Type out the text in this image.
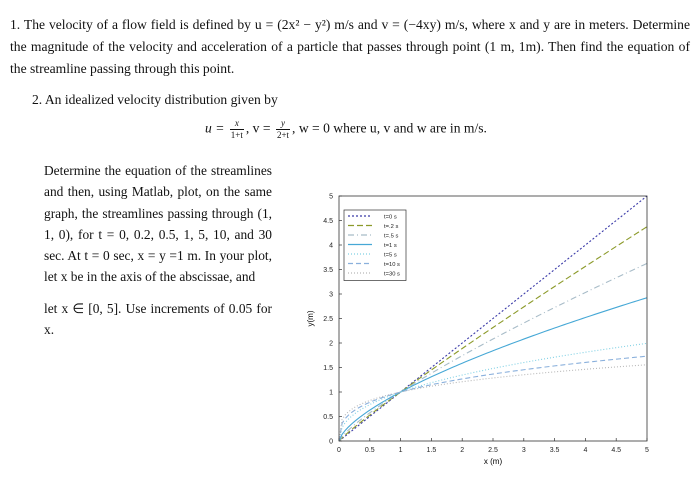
1. The velocity of a flow field is defined by u = (2x² − y²) m/s and v = (−4xy) m/s, where x and y are in meters. Determine the magnitude of the velocity and acceleration of a particle that passes through point (1 m, 1m). Then find the equation of the streamline passing through this point.
2. An idealized velocity distribution given by
$u = \frac{x}{1+t}$ , $v = \frac{y}{2+t}$ , w = 0 where u, v and w are in m/s.

Determine the equation of the streamlines and then, using Matlab, plot, on the same graph, the streamlines passing through (1, 1, 0), for t = 0, 0.2, 0.5, 1, 5, 10, and 30 sec. At t = 0 sec, x = y =1 m. In your plot, let x be in the axis of the abscissae, and

let x ∈ [0, 5]. Use increments of 0.05 for x.

0	0.5	1	1.5	2	2.5	3	3.5	4	4.5	5
0
0.5
1
1.5
2
2.5
3
3.5
4
4.5
5
t=0 s
t=.2 s
t=.5 s
t=1 s
t=5 s
t=10 s
t=30 s
x (m)
y(m)
